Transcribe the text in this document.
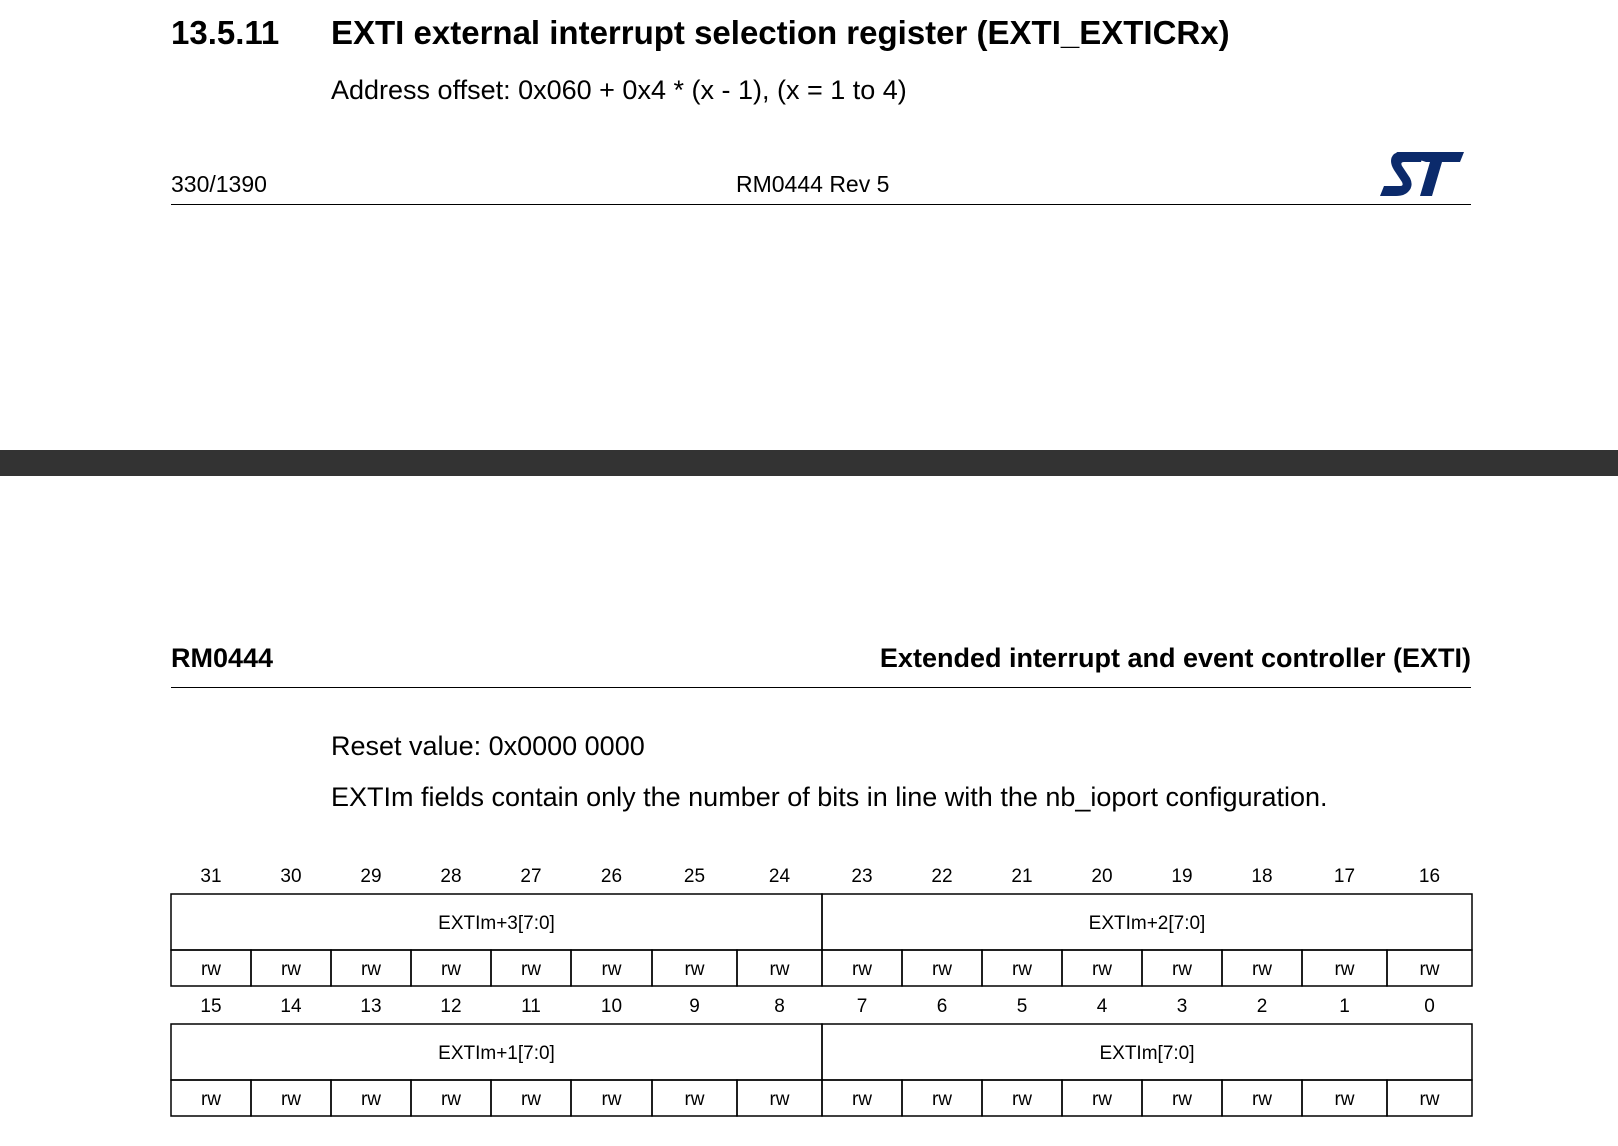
13.5.11 EXTI external interrupt selection register (EXTI_EXTICRx)
Address offset: 0x060 + 0x4 * (x - 1), (x = 1 to 4)
330/1390	RM0444 Rev 5
RM0444	Extended interrupt and event controller (EXTI)
Reset value: 0x0000 0000
EXTIm fields contain only the number of bits in line with the nb_ioport configuration.
31	30	29	28	27	26	25	24	23	22	21	20	19	18	17	16
EXTIm+3[7:0]	EXTIm+2[7:0]
rw	rw	rw	rw	rw	rw	rw	rw	rw	rw	rw	rw	rw	rw	rw	rw
15	14	13	12	11	10	9	8	7	6	5	4	3	2	1	0
EXTIm+1[7:0]	EXTIm[7:0]
rw	rw	rw	rw	rw	rw	rw	rw	rw	rw	rw	rw	rw	rw	rw	rw
